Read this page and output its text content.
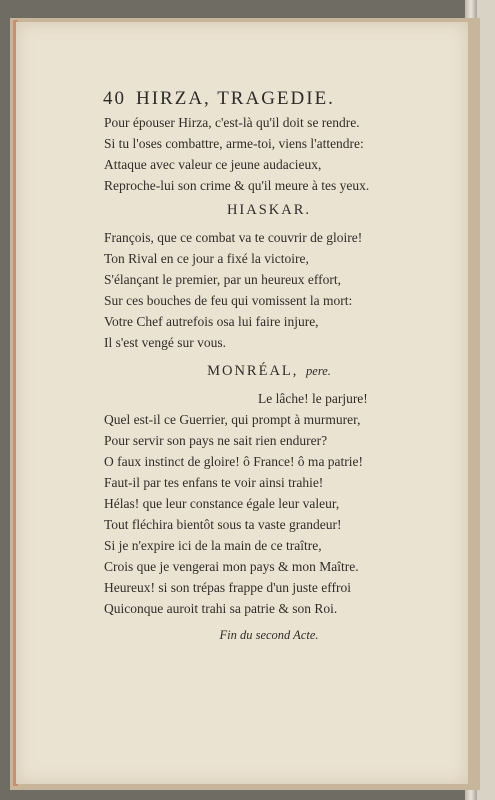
40 HIRZA, TRAGEDIE.
Pour épouser Hirza, c'est-là qu'il doit se rendre.
Si tu l'oses combattre, arme-toi, viens l'attendre:
Attaque avec valeur ce jeune audacieux,
Reproche-lui son crime & qu'il meure à tes yeux.
HIASKAR.
François, que ce combat va te couvrir de gloire!
Ton Rival en ce jour a fixé la victoire,
S'élançant le premier, par un heureux effort,
Sur ces bouches de feu qui vomissent la mort:
Votre Chef autrefois osa lui faire injure,
Il s'est vengé sur vous.
MONRÉAL, pere.
Le lâche! le parjure!
Quel est-il ce Guerrier, qui prompt à murmurer,
Pour servir son pays ne sait rien endurer?
O faux instinct de gloire! ô France! ô ma patrie!
Faut-il par tes enfans te voir ainsi trahie!
Hélas! que leur constance égale leur valeur,
Tout fléchira bientôt sous ta vaste grandeur!
Si je n'expire ici de la main de ce traître,
Crois que je vengerai mon pays & mon Maître.
Heureux! si son trépas frappe d'un juste effroi
Quiconque auroit trahi sa patrie & son Roi.
Fin du second Acte.
